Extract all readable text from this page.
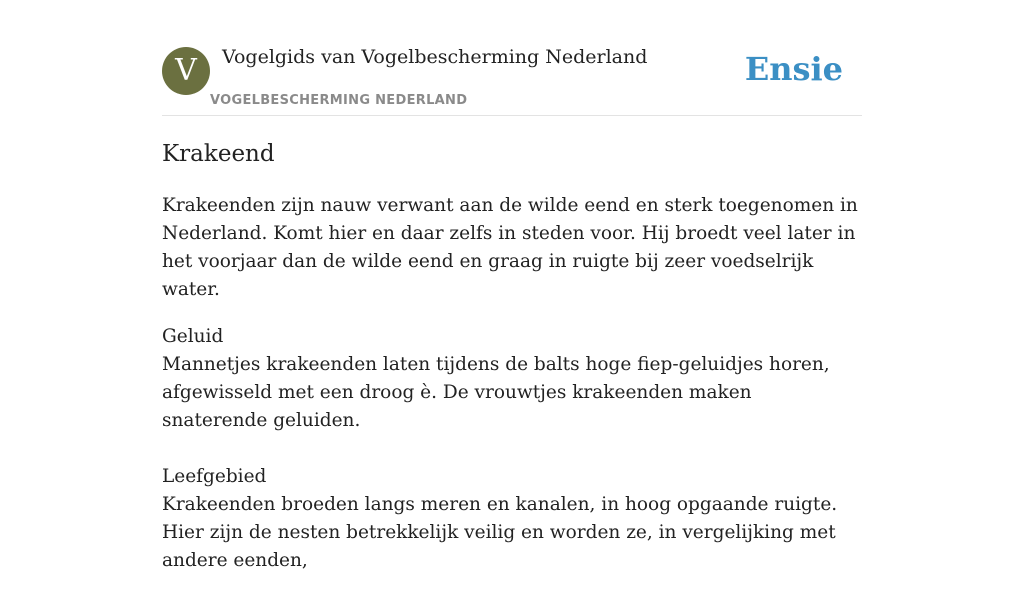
V	Vogelgids van Vogelbescherming Nederland
VOGELBESCHERMING NEDERLAND
Ensie
Krakeend

Krakeenden zijn nauw verwant aan de wilde eend en sterk toegenomen in Nederland. Komt hier en daar zelfs in steden voor. Hij broedt veel later in het voorjaar dan de wilde eend en graag in ruigte bij zeer voedselrijk water.

Geluid

Mannetjes krakeenden laten tijdens de balts hoge fiep-geluidjes horen, afgewisseld met een droog è. De vrouwtjes krakeenden maken snaterende geluiden.

Leefgebied

Krakeenden broeden langs meren en kanalen, in hoog opgaande ruigte. Hier zijn de nesten betrekkelijk veilig en worden ze, in vergelijking met andere eenden,
